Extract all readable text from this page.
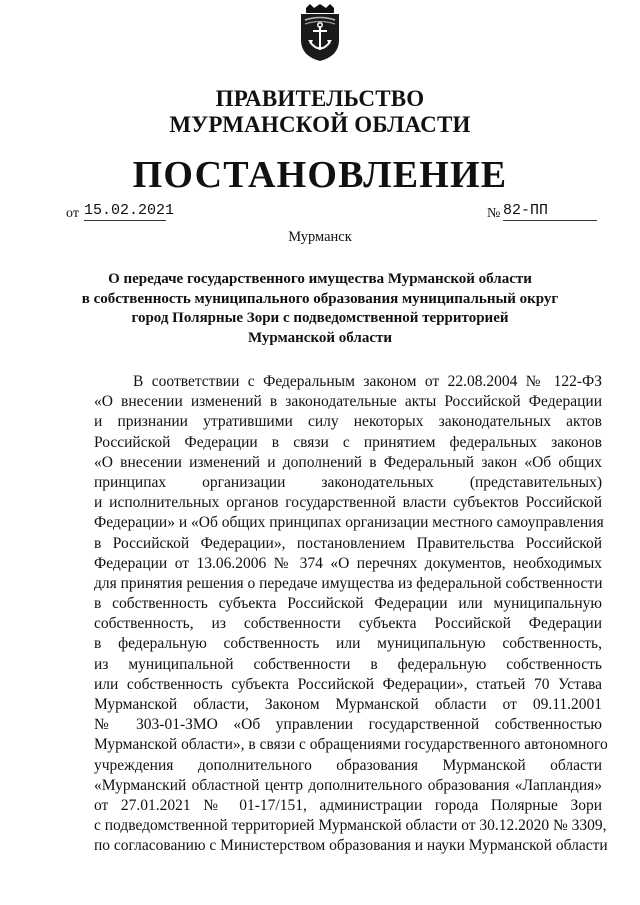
ПРАВИТЕЛЬСТВО
МУРМАНСКОЙ ОБЛАСТИ
ПОСТАНОВЛЕНИЕ
от 15.02.2021	№ 82-ПП
Мурманск
О передаче государственного имущества Мурманской области
в собственность муниципального образования муниципальный округ
город Полярные Зори с подведомственной территорией
Мурманской области
В соответствии с Федеральным законом от 22.08.2004 № 122-ФЗ
«О внесении изменений в законодательные акты Российской Федерации
и признании утратившими силу некоторых законодательных актов
Российской Федерации в связи с принятием федеральных законов
«О внесении изменений и дополнений в Федеральный закон «Об общих
принципах организации законодательных (представительных)
и исполнительных органов государственной власти субъектов Российской
Федерации» и «Об общих принципах организации местного самоуправления
в Российской Федерации», постановлением Правительства Российской
Федерации от 13.06.2006 № 374 «О перечнях документов, необходимых
для принятия решения о передаче имущества из федеральной собственности
в собственность субъекта Российской Федерации или муниципальную
собственность, из собственности субъекта Российской Федерации
в федеральную собственность или муниципальную собственность,
из муниципальной собственности в федеральную собственность
или собственность субъекта Российской Федерации», статьей 70 Устава
Мурманской области, Законом Мурманской области от 09.11.2001
№ 303-01-ЗМО «Об управлении государственной собственностью
Мурманской области», в связи с обращениями государственного автономного
учреждения дополнительного образования Мурманской области
«Мурманский областной центр дополнительного образования «Лапландия»
от 27.01.2021 № 01-17/151, администрации города Полярные Зори
с подведомственной территорией Мурманской области от 30.12.2020 № 3309,
по согласованию с Министерством образования и науки Мурманской области
